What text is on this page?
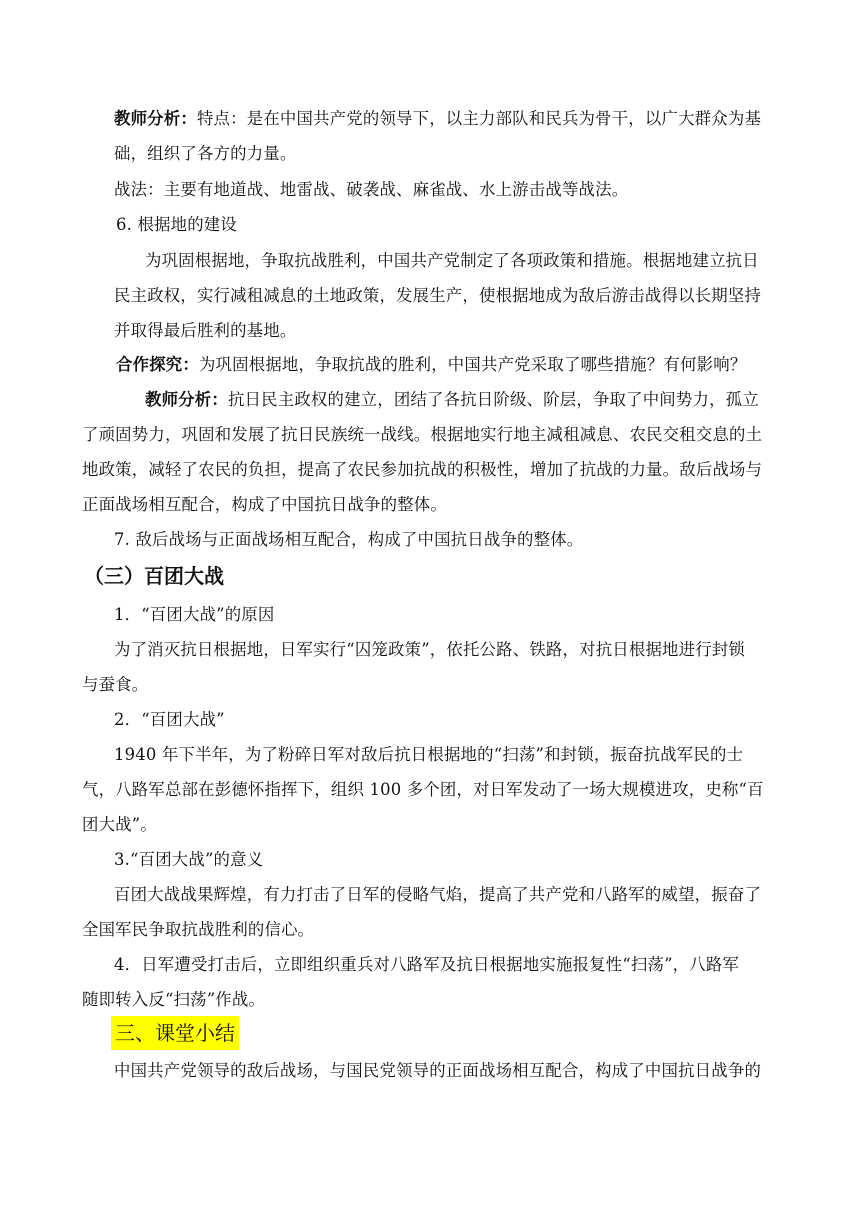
教师分析：特点：是在中国共产党的领导下，以主力部队和民兵为骨干，以广大群众为基
础，组织了各方的力量。
战法：主要有地道战、地雷战、破袭战、麻雀战、水上游击战等战法。
6. 根据地的建设
为巩固根据地，争取抗战胜利，中国共产党制定了各项政策和措施。根据地建立抗日
民主政权，实行减租减息的土地政策，发展生产，使根据地成为敌后游击战得以长期坚持
并取得最后胜利的基地。
合作探究：为巩固根据地，争取抗战的胜利，中国共产党采取了哪些措施？有何影响？
教师分析：抗日民主政权的建立，团结了各抗日阶级、阶层，争取了中间势力，孤立
了顽固势力，巩固和发展了抗日民族统一战线。根据地实行地主减租减息、农民交租交息的土
地政策，减轻了农民的负担，提高了农民参加抗战的积极性，增加了抗战的力量。敌后战场与
正面战场相互配合，构成了中国抗日战争的整体。
7. 敌后战场与正面战场相互配合，构成了中国抗日战争的整体。
（三）百团大战
1．“百团大战”的原因
为了消灭抗日根据地，日军实行“囚笼政策”，依托公路、铁路，对抗日根据地进行封锁
与蚕食。
2．“百团大战”
1940 年下半年，为了粉碎日军对敌后抗日根据地的“扫荡”和封锁，振奋抗战军民的士
气，八路军总部在彭德怀指挥下，组织 100 多个团，对日军发动了一场大规模进攻，史称“百
团大战”。
3.“百团大战”的意义
百团大战战果辉煌，有力打击了日军的侵略气焰，提高了共产党和八路军的威望，振奋了
全国军民争取抗战胜利的信心。
4．日军遭受打击后，立即组织重兵对八路军及抗日根据地实施报复性“扫荡”，八路军
随即转入反“扫荡”作战。
三、课堂小结
中国共产党领导的敌后战场，与国民党领导的正面战场相互配合，构成了中国抗日战争的
